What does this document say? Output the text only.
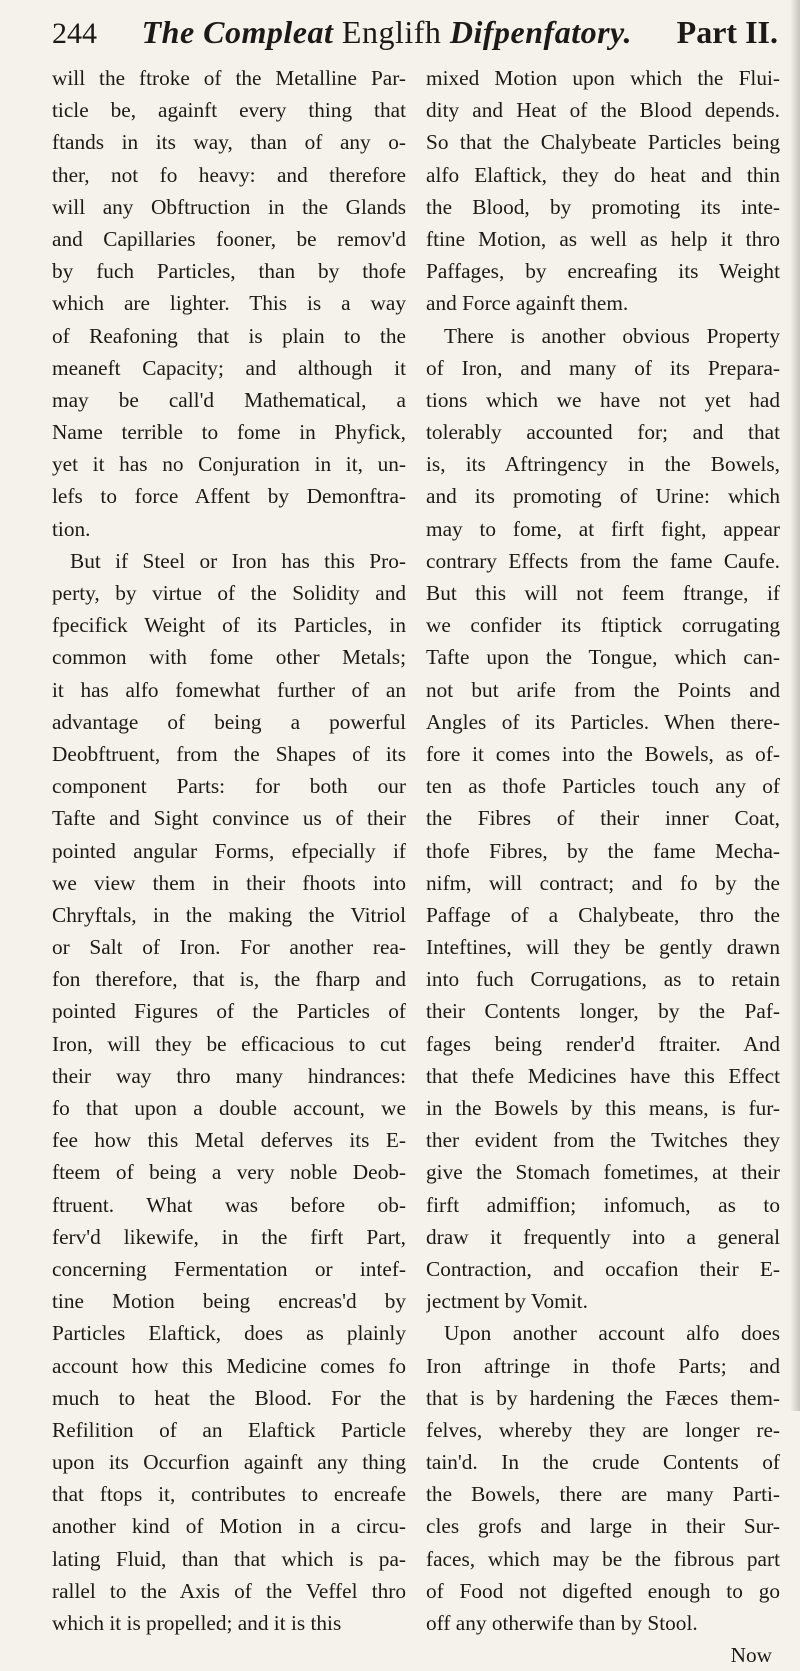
244 The Compleat Englifh Difpenfatory. Part II.
will the ftroke of the Metalline Par-
ticle be, againft every thing that
ftands in its way, than of any o-
ther, not fo heavy: and therefore
will any Obftruction in the Glands
and Capillaries fooner, be remov'd
by fuch Particles, than by thofe
which are lighter. This is a way
of Reafoning that is plain to the
meaneft Capacity; and although it
may be call'd Mathematical, a
Name terrible to fome in Phyfick,
yet it has no Conjuration in it, un-
lefs to force Affent by Demonftra-
tion.
But if Steel or Iron has this Pro-
perty, by virtue of the Solidity and
fpecifick Weight of its Particles, in
common with fome other Metals;
it has alfo fomewhat further of an
advantage of being a powerful
Deobftruent, from the Shapes of its
component Parts: for both our
Tafte and Sight convince us of their
pointed angular Forms, efpecially if
we view them in their fhoots into
Chryftals, in the making the Vitriol
or Salt of Iron. For another rea-
fon therefore, that is, the fharp and
pointed Figures of the Particles of
Iron, will they be efficacious to cut
their way thro many hindrances:
fo that upon a double account, we
fee how this Metal deferves its E-
fteem of being a very noble Deob-
ftruent. What was before ob-
ferv'd likewife, in the firft Part,
concerning Fermentation or intef-
tine Motion being encreas'd by
Particles Elaftick, does as plainly
account how this Medicine comes fo
much to heat the Blood. For the
Refilition of an Elaftick Particle
upon its Occurfion againft any thing
that ftops it, contributes to encreafe
another kind of Motion in a circu-
lating Fluid, than that which is pa-
rallel to the Axis of the Veffel thro
which it is propelled; and it is this
mixed Motion upon which the Flui-
dity and Heat of the Blood depends.
So that the Chalybeate Particles being
alfo Elaftick, they do heat and thin
the Blood, by promoting its inte-
ftine Motion, as well as help it thro
Paffages, by encreafing its Weight
and Force againft them.
There is another obvious Property
of Iron, and many of its Prepara-
tions which we have not yet had
tolerably accounted for; and that
is, its Aftringency in the Bowels,
and its promoting of Urine: which
may to fome, at firft fight, appear
contrary Effects from the fame Caufe.
But this will not feem ftrange, if
we confider its ftiptick corrugating
Tafte upon the Tongue, which can-
not but arife from the Points and
Angles of its Particles. When there-
fore it comes into the Bowels, as of-
ten as thofe Particles touch any of
the Fibres of their inner Coat,
thofe Fibres, by the fame Mecha-
nifm, will contract; and fo by the
Paffage of a Chalybeate, thro the
Inteftines, will they be gently drawn
into fuch Corrugations, as to retain
their Contents longer, by the Paf-
fages being render'd ftraiter. And
that thefe Medicines have this Effect
in the Bowels by this means, is fur-
ther evident from the Twitches they
give the Stomach fometimes, at their
firft admiffion; infomuch, as to
draw it frequently into a general
Contraction, and occafion their E-
jectment by Vomit.
Upon another account alfo does
Iron aftringe in thofe Parts; and
that is by hardening the Fæces them-
felves, whereby they are longer re-
tain'd. In the crude Contents of
the Bowels, there are many Parti-
cles grofs and large in their Sur-
faces, which may be the fibrous part
of Food not digefted enough to go
off any otherwife than by Stool.
Now
